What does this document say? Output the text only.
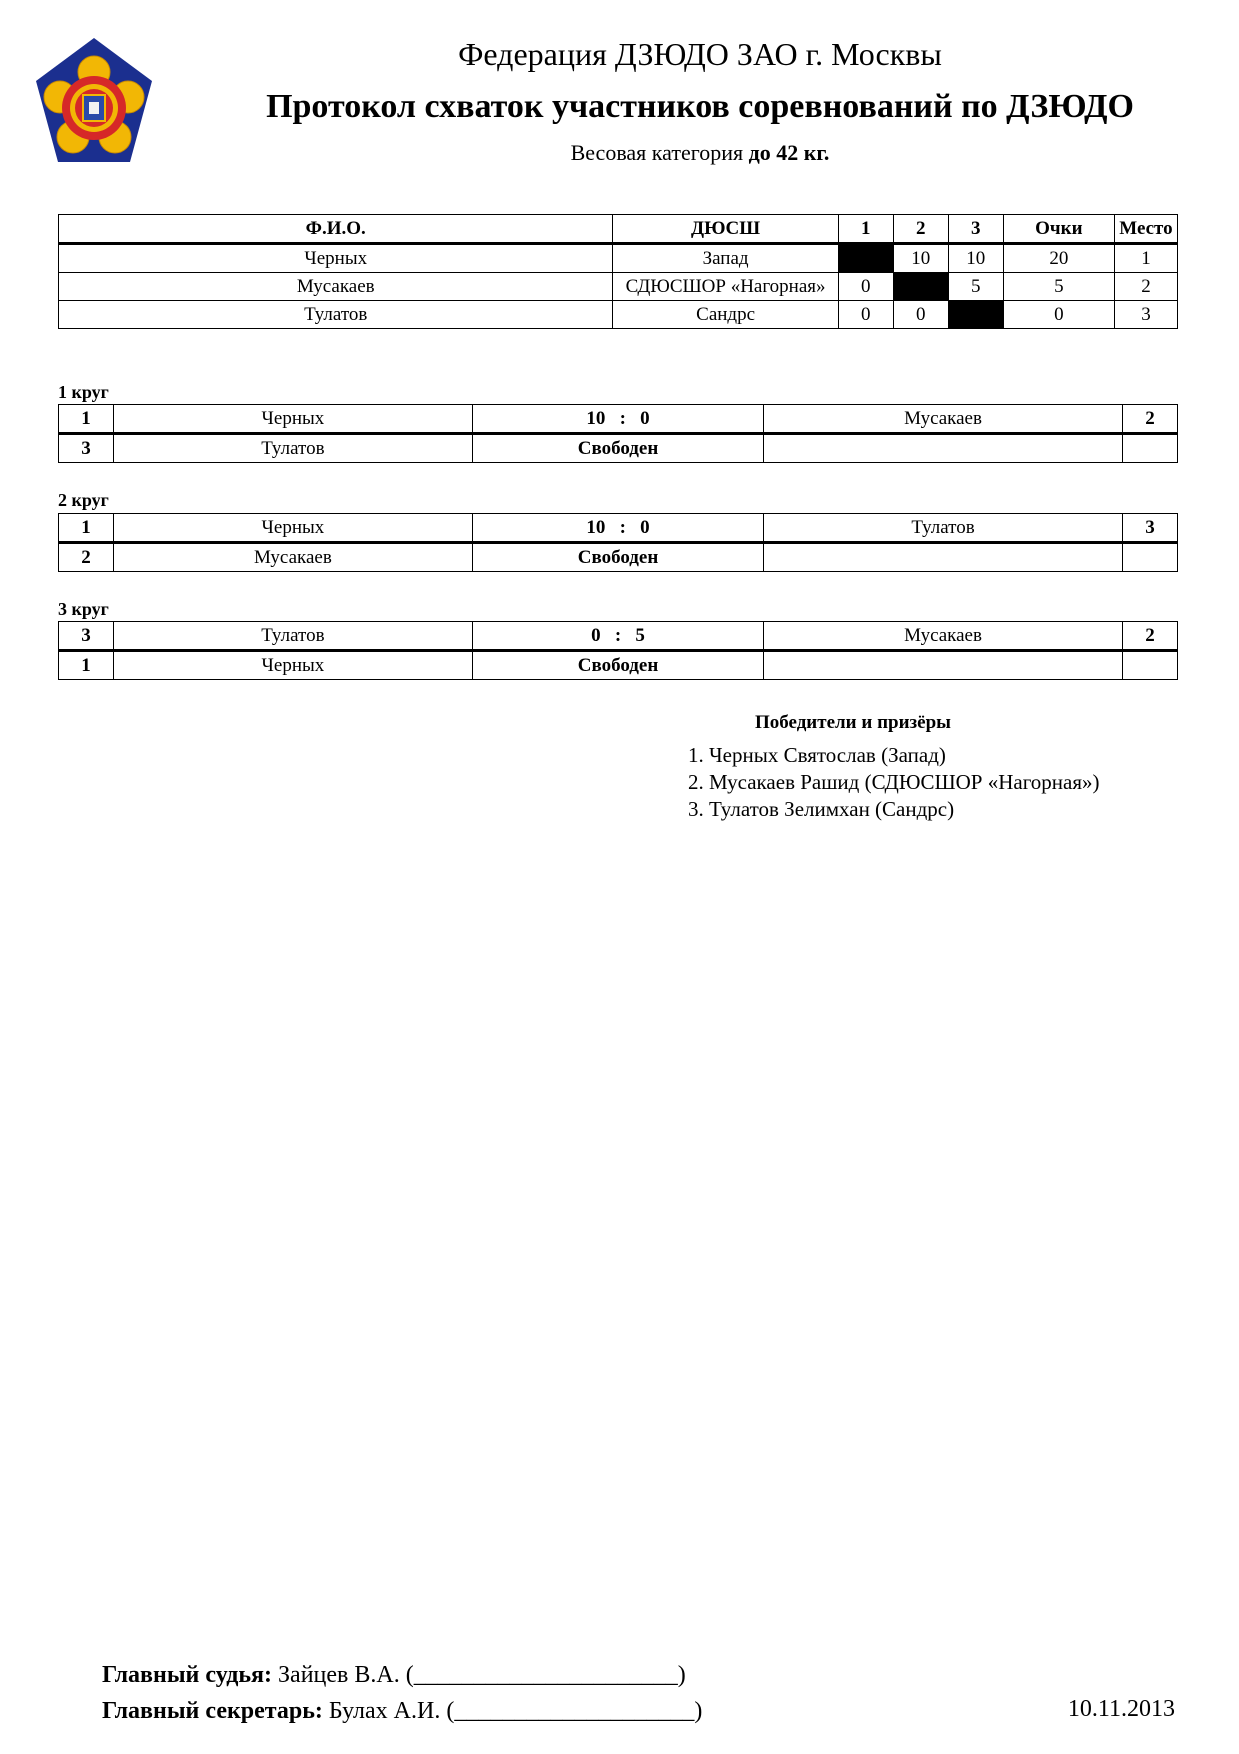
Федерация ДЗЮДО ЗАО г. Москвы
Протокол схваток участников соревнований по ДЗЮДО
Весовая категория до 42 кг.
Ф.И.О.	ДЮСШ	1	2	3	Очки	Место
Черных	Запад		10	10	20	1
Мусакаев	СДЮСШОР «Нагорная»	0		5	5	2
Тулатов	Сандрс	0	0		0	3
1 круг
1	Черных	10   :   0	Мусакаев	2
3	Тулатов	Свободен		
2 круг
1	Черных	10   :   0	Тулатов	3
2	Мусакаев	Свободен		
3 круг
3	Тулатов	0   :   5	Мусакаев	2
1	Черных	Свободен		
Победители и призёры
1. Черных Святослав (Запад)
2. Мусакаев Рашид (СДЮСШОР «Нагорная»)
3. Тулатов Зелимхан (Сандрс)
Главный судья: Зайцев В.А. (______________________)
Главный секретарь: Булах А.И. (____________________)	10.11.2013
